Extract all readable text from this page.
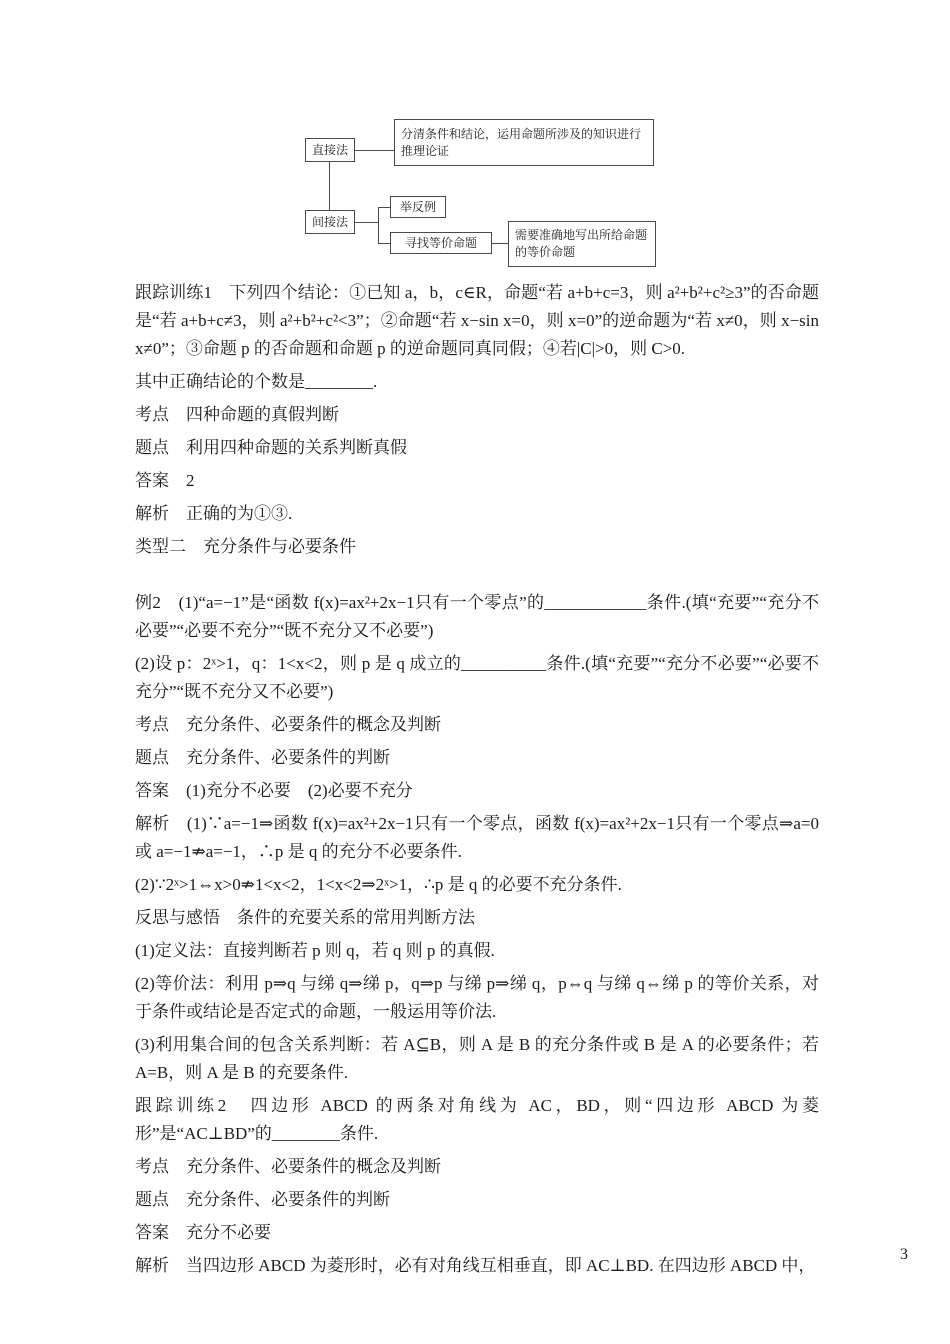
直接法
分清条件和结论，运用命题所涉及的知识进行推理论证
间接法
举反例
寻找等价命题
需要准确地写出所给命题的等价命题

跟踪训练1　下列四个结论：①已知 a，b，c∈R，命题“若 a+b+c=3，则 a²+b²+c²≥3”的否命题是“若 a+b+c≠3，则 a²+b²+c²<3”；②命题“若 x−sin x=0，则 x=0”的逆命题为“若 x≠0，则 x−sin x≠0”；③命题 p 的否命题和命题 p 的逆命题同真同假；④若|C|>0，则 C>0.

其中正确结论的个数是________.

考点　四种命题的真假判断

题点　利用四种命题的关系判断真假

答案　2

解析　正确的为①③.

类型二　充分条件与必要条件

例2　(1)“a=−1”是“函数 f(x)=ax²+2x−1只有一个零点”的____________条件.(填“充要”“充分不必要”“必要不充分”“既不充分又不必要”)

(2)设 p：2ˣ>1，q：1<x<2，则 p 是 q 成立的__________条件.(填“充要”“充分不必要”“必要不充分”“既不充分又不必要”)

考点　充分条件、必要条件的概念及判断

题点　充分条件、必要条件的判断

答案　(1)充分不必要　(2)必要不充分

解析　(1)∵a=−1⇒函数 f(x)=ax²+2x−1只有一个零点，函数 f(x)=ax²+2x−1只有一个零点⇒a=0 或 a=−1⇏a=−1，∴p 是 q 的充分不必要条件.

(2)∵2ˣ>1⇔x>0⇏1<x<2，1<x<2⇒2ˣ>1，∴p 是 q 的必要不充分条件.

反思与感悟　条件的充要关系的常用判断方法

(1)定义法：直接判断若 p 则 q，若 q 则 p 的真假.

(2)等价法：利用 p⇒q 与绨 q⇒绨 p，q⇒p 与绨 p⇒绨 q，p⇔q 与绨 q⇔绨 p 的等价关系，对于条件或结论是否定式的命题，一般运用等价法.

(3)利用集合间的包含关系判断：若 A⊆B，则 A 是 B 的充分条件或 B 是 A 的必要条件；若 A=B，则 A 是 B 的充要条件.

跟踪训练2　四边形 ABCD 的两条对角线为 AC，BD，则“四边形 ABCD 为菱形”是“AC⊥BD”的________条件.

考点　充分条件、必要条件的概念及判断

题点　充分条件、必要条件的判断

答案　充分不必要

解析　当四边形 ABCD 为菱形时，必有对角线互相垂直，即 AC⊥BD. 在四边形 ABCD 中，

3
